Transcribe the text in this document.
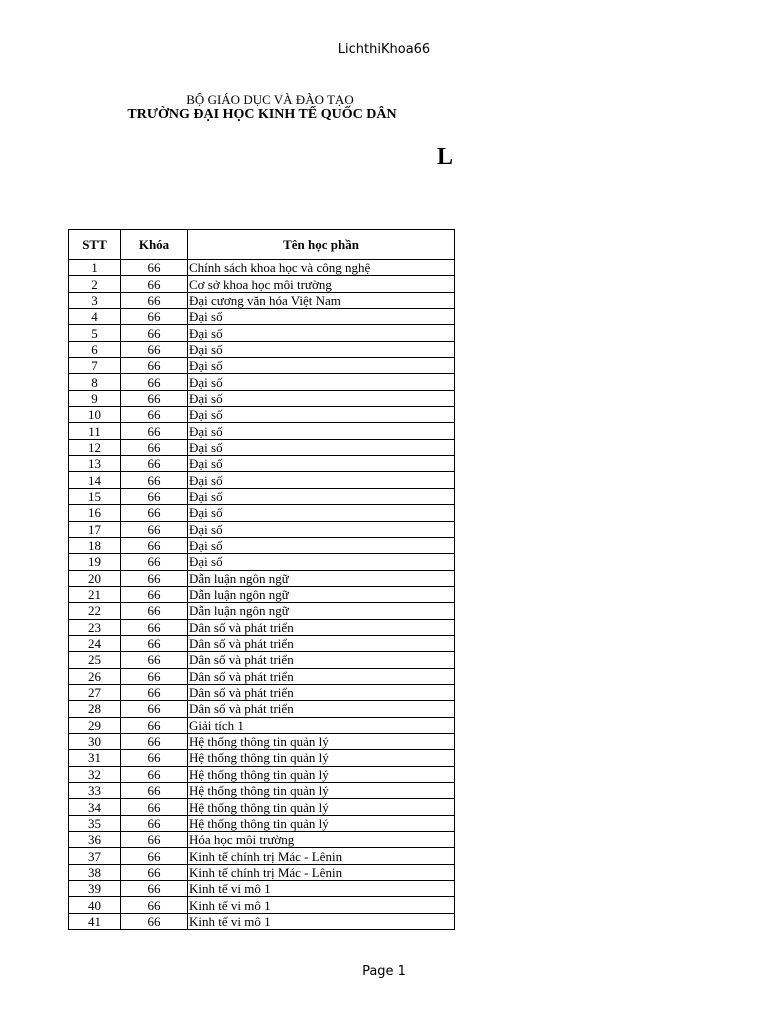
LichthiKhoa66
BỘ GIÁO DỤC VÀ ĐÀO TẠO
TRƯỜNG ĐẠI HỌC KINH TẾ QUỐC DÂN
L
STT	Khóa	Tên học phần
1	66	Chính sách khoa học và công nghệ
2	66	Cơ sở khoa học môi trường
3	66	Đại cương văn hóa Việt Nam
4	66	Đại số
5	66	Đại số
6	66	Đại số
7	66	Đại số
8	66	Đại số
9	66	Đại số
10	66	Đại số
11	66	Đại số
12	66	Đại số
13	66	Đại số
14	66	Đại số
15	66	Đại số
16	66	Đại số
17	66	Đại số
18	66	Đại số
19	66	Đại số
20	66	Dẫn luận ngôn ngữ
21	66	Dẫn luận ngôn ngữ
22	66	Dẫn luận ngôn ngữ
23	66	Dân số và phát triển
24	66	Dân số và phát triển
25	66	Dân số và phát triển
26	66	Dân số và phát triển
27	66	Dân số và phát triển
28	66	Dân số và phát triển
29	66	Giải tích 1
30	66	Hệ thống thông tin quản lý
31	66	Hệ thống thông tin quản lý
32	66	Hệ thống thông tin quản lý
33	66	Hệ thống thông tin quản lý
34	66	Hệ thống thông tin quản lý
35	66	Hệ thống thông tin quản lý
36	66	Hóa học môi trường
37	66	Kinh tế chính trị Mác - Lênin
38	66	Kinh tế chính trị Mác - Lênin
39	66	Kinh tế vi mô 1
40	66	Kinh tế vi mô 1
41	66	Kinh tế vi mô 1
Page 1
